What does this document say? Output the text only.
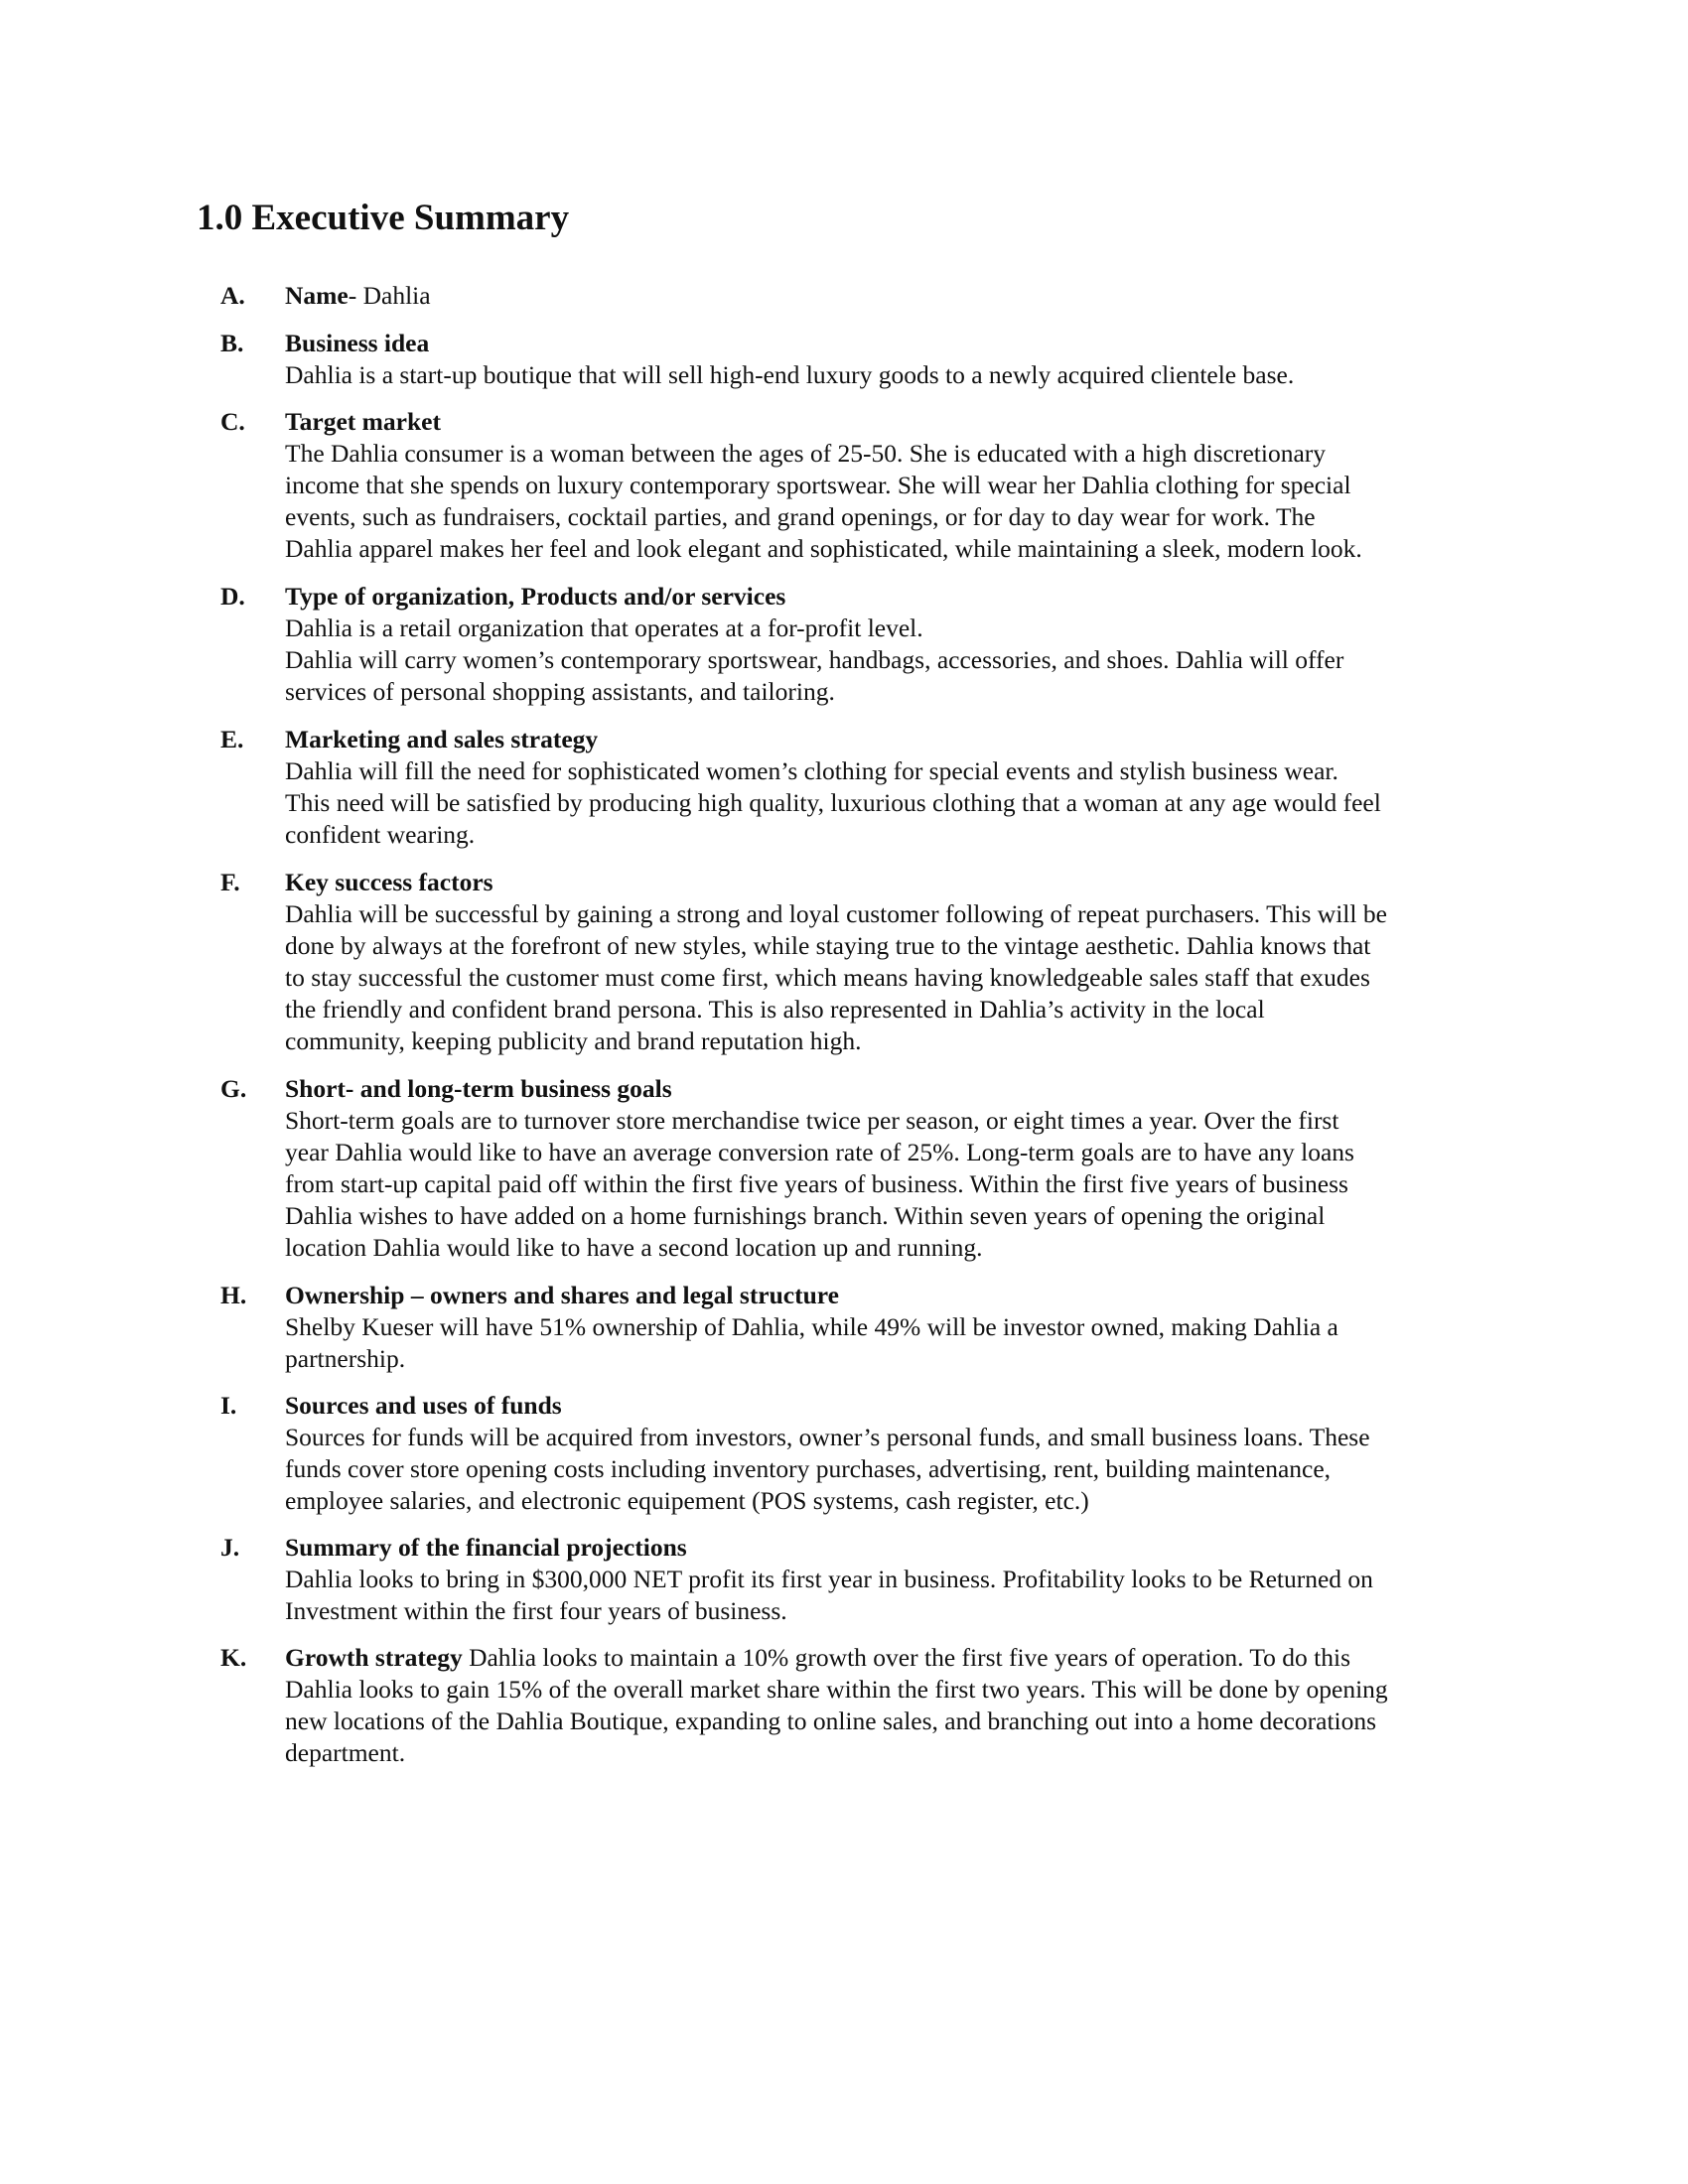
1.0 Executive Summary
A. Name- Dahlia
B. Business idea
Dahlia is a start-up boutique that will sell high-end luxury goods to a newly acquired clientele base.
C. Target market
The Dahlia consumer is a woman between the ages of 25-50. She is educated with a high discretionary
income that she spends on luxury contemporary sportswear. She will wear her Dahlia clothing for special
events, such as fundraisers, cocktail parties, and grand openings, or for day to day wear for work. The
Dahlia apparel makes her feel and look elegant and sophisticated, while maintaining a sleek, modern look.
D. Type of organization, Products and/or services
Dahlia is a retail organization that operates at a for-profit level.
Dahlia will carry women’s contemporary sportswear, handbags, accessories, and shoes. Dahlia will offer
services of personal shopping assistants, and tailoring.
E. Marketing and sales strategy
Dahlia will fill the need for sophisticated women’s clothing for special events and stylish business wear.
This need will be satisfied by producing high quality, luxurious clothing that a woman at any age would feel
confident wearing.
F. Key success factors
Dahlia will be successful by gaining a strong and loyal customer following of repeat purchasers. This will be
done by always at the forefront of new styles, while staying true to the vintage aesthetic. Dahlia knows that
to stay successful the customer must come first, which means having knowledgeable sales staff that exudes
the friendly and confident brand persona. This is also represented in Dahlia’s activity in the local
community, keeping publicity and brand reputation high.
G. Short- and long-term business goals
Short-term goals are to turnover store merchandise twice per season, or eight times a year. Over the first
year Dahlia would like to have an average conversion rate of 25%. Long-term goals are to have any loans
from start-up capital paid off within the first five years of business. Within the first five years of business
Dahlia wishes to have added on a home furnishings branch. Within seven years of opening the original
location Dahlia would like to have a second location up and running.
H. Ownership – owners and shares and legal structure
Shelby Kueser will have 51% ownership of Dahlia, while 49% will be investor owned, making Dahlia a
partnership.
I. Sources and uses of funds
Sources for funds will be acquired from investors, owner’s personal funds, and small business loans. These
funds cover store opening costs including inventory purchases, advertising, rent, building maintenance,
employee salaries, and electronic equipement (POS systems, cash register, etc.)
J. Summary of the financial projections
Dahlia looks to bring in $300,000 NET profit its first year in business. Profitability looks to be Returned on
Investment within the first four years of business.
K. Growth strategy Dahlia looks to maintain a 10% growth over the first five years of operation. To do this
Dahlia looks to gain 15% of the overall market share within the first two years. This will be done by opening
new locations of the Dahlia Boutique, expanding to online sales, and branching out into a home decorations
department.
